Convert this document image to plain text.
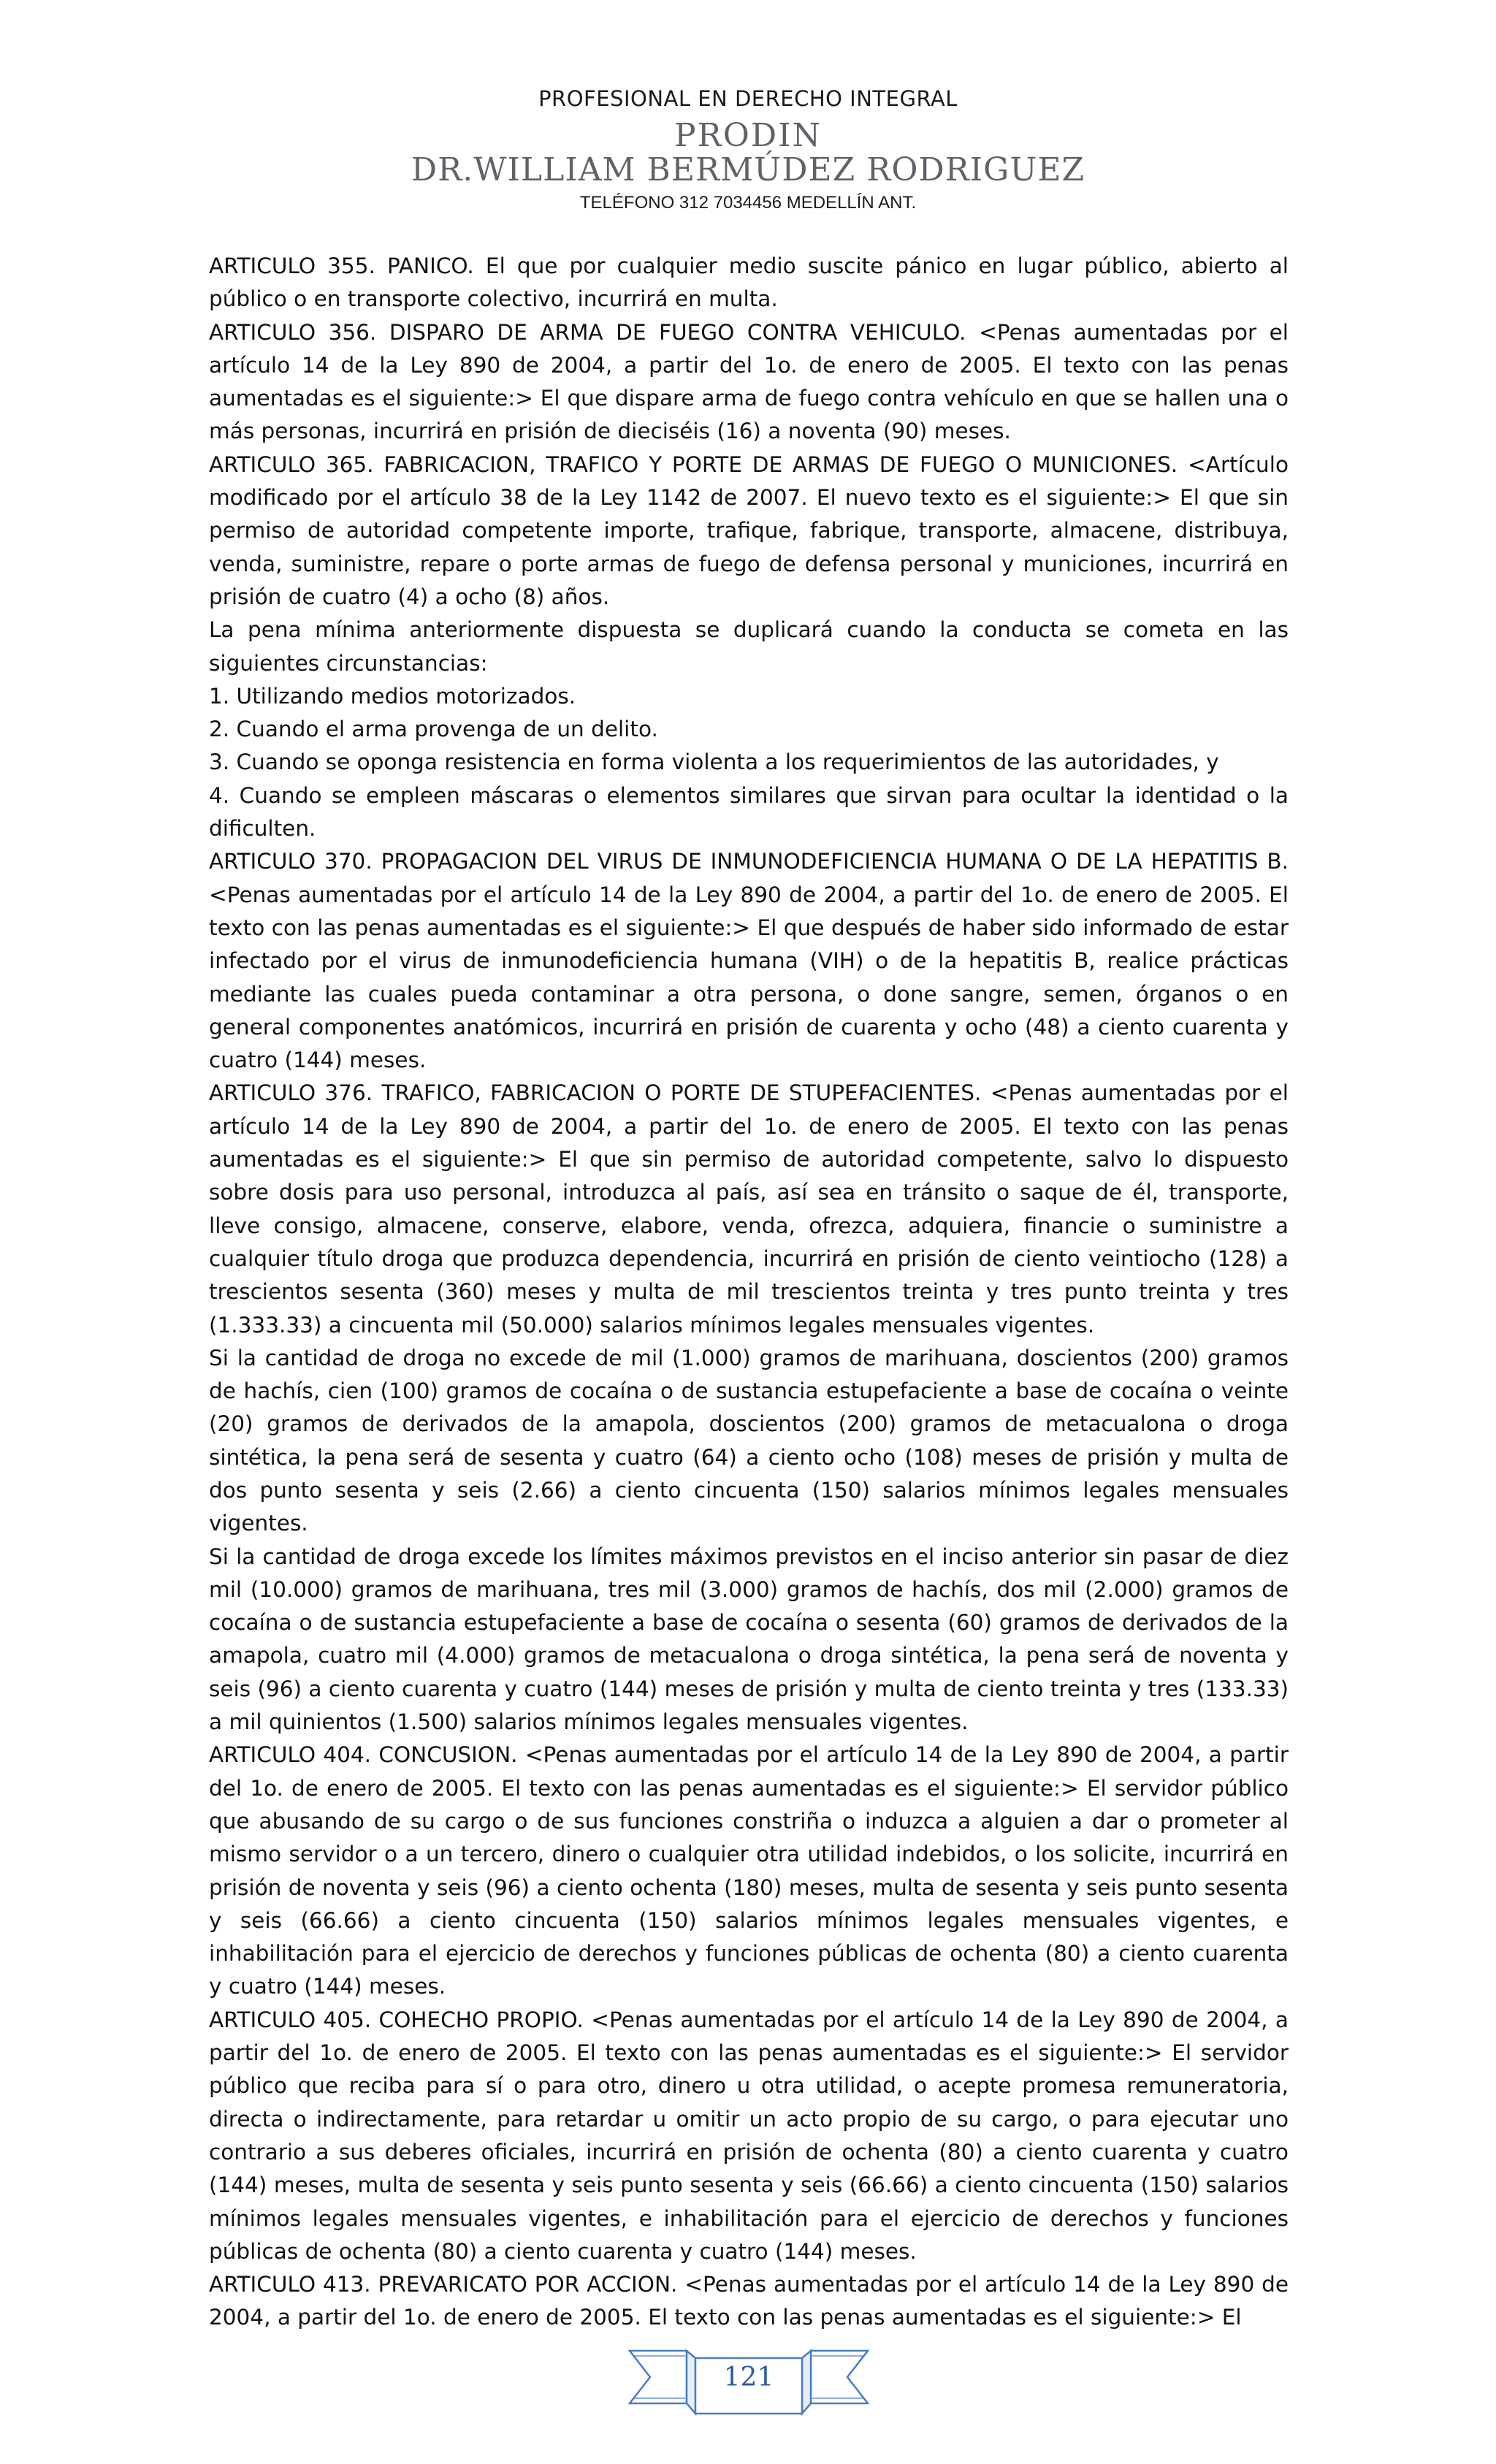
PROFESIONAL EN DERECHO INTEGRAL
PRODIN
DR.WILLIAM BERMÚDEZ RODRIGUEZ
TELÉFONO 312 7034456 MEDELLÍN ANT.

ARTICULO 355. PANICO. El que por cualquier medio suscite pánico en lugar público, abierto al público o en transporte colectivo, incurrirá en multa.

ARTICULO 356. DISPARO DE ARMA DE FUEGO CONTRA VEHICULO. <Penas aumentadas por el artículo 14 de la Ley 890 de 2004, a partir del 1o. de enero de 2005. El texto con las penas aumentadas es el siguiente:> El que dispare arma de fuego contra vehículo en que se hallen una o más personas, incurrirá en prisión de dieciséis (16) a noventa (90) meses.

ARTICULO 365. FABRICACION, TRAFICO Y PORTE DE ARMAS DE FUEGO O MUNICIONES. <Artículo modificado por el artículo 38 de la Ley 1142 de 2007. El nuevo texto es el siguiente:> El que sin permiso de autoridad competente importe, trafique, fabrique, transporte, almacene, distribuya, venda, suministre, repare o porte armas de fuego de defensa personal y municiones, incurrirá en prisión de cuatro (4) a ocho (8) años.

La pena mínima anteriormente dispuesta se duplicará cuando la conducta se cometa en las siguientes circunstancias:

1. Utilizando medios motorizados.

2. Cuando el arma provenga de un delito.

3. Cuando se oponga resistencia en forma violenta a los requerimientos de las autoridades, y

4. Cuando se empleen máscaras o elementos similares que sirvan para ocultar la identidad o la dificulten.

ARTICULO 370. PROPAGACION DEL VIRUS DE INMUNODEFICIENCIA HUMANA O DE LA HEPATITIS B. <Penas aumentadas por el artículo 14 de la Ley 890 de 2004, a partir del 1o. de enero de 2005. El texto con las penas aumentadas es el siguiente:> El que después de haber sido informado de estar infectado por el virus de inmunodeficiencia humana (VIH) o de la hepatitis B, realice prácticas mediante las cuales pueda contaminar a otra persona, o done sangre, semen, órganos o en general componentes anatómicos, incurrirá en prisión de cuarenta y ocho (48) a ciento cuarenta y cuatro (144) meses.

ARTICULO 376. TRAFICO, FABRICACION O PORTE DE STUPEFACIENTES. <Penas aumentadas por el artículo 14 de la Ley 890 de 2004, a partir del 1o. de enero de 2005. El texto con las penas aumentadas es el siguiente:> El que sin permiso de autoridad competente, salvo lo dispuesto sobre dosis para uso personal, introduzca al país, así sea en tránsito o saque de él, transporte, lleve consigo, almacene, conserve, elabore, venda, ofrezca, adquiera, financie o suministre a cualquier título droga que produzca dependencia, incurrirá en prisión de ciento veintiocho (128) a trescientos sesenta (360) meses y multa de mil trescientos treinta y tres punto treinta y tres (1.333.33) a cincuenta mil (50.000) salarios mínimos legales mensuales vigentes.

Si la cantidad de droga no excede de mil (1.000) gramos de marihuana, doscientos (200) gramos de hachís, cien (100) gramos de cocaína o de sustancia estupefaciente a base de cocaína o veinte (20) gramos de derivados de la amapola, doscientos (200) gramos de metacualona o droga sintética, la pena será de sesenta y cuatro (64) a ciento ocho (108) meses de prisión y multa de dos punto sesenta y seis (2.66) a ciento cincuenta (150) salarios mínimos legales mensuales vigentes.

Si la cantidad de droga excede los límites máximos previstos en el inciso anterior sin pasar de diez mil (10.000) gramos de marihuana, tres mil (3.000) gramos de hachís, dos mil (2.000) gramos de cocaína o de sustancia estupefaciente a base de cocaína o sesenta (60) gramos de derivados de la amapola, cuatro mil (4.000) gramos de metacualona o droga sintética, la pena será de noventa y seis (96) a ciento cuarenta y cuatro (144) meses de prisión y multa de ciento treinta y tres (133.33) a mil quinientos (1.500) salarios mínimos legales mensuales vigentes.

ARTICULO 404. CONCUSION. <Penas aumentadas por el artículo 14 de la Ley 890 de 2004, a partir del 1o. de enero de 2005. El texto con las penas aumentadas es el siguiente:> El servidor público que abusando de su cargo o de sus funciones constriña o induzca a alguien a dar o prometer al mismo servidor o a un tercero, dinero o cualquier otra utilidad indebidos, o los solicite, incurrirá en prisión de noventa y seis (96) a ciento ochenta (180) meses, multa de sesenta y seis punto sesenta y seis (66.66) a ciento cincuenta (150) salarios mínimos legales mensuales vigentes, e inhabilitación para el ejercicio de derechos y funciones públicas de ochenta (80) a ciento cuarenta y cuatro (144) meses.

ARTICULO 405. COHECHO PROPIO. <Penas aumentadas por el artículo 14 de la Ley 890 de 2004, a partir del 1o. de enero de 2005. El texto con las penas aumentadas es el siguiente:> El servidor público que reciba para sí o para otro, dinero u otra utilidad, o acepte promesa remuneratoria, directa o indirectamente, para retardar u omitir un acto propio de su cargo, o para ejecutar uno contrario a sus deberes oficiales, incurrirá en prisión de ochenta (80) a ciento cuarenta y cuatro (144) meses, multa de sesenta y seis punto sesenta y seis (66.66) a ciento cincuenta (150) salarios mínimos legales mensuales vigentes, e inhabilitación para el ejercicio de derechos y funciones públicas de ochenta (80) a ciento cuarenta y cuatro (144) meses.

ARTICULO 413. PREVARICATO POR ACCION. <Penas aumentadas por el artículo 14 de la Ley 890 de 2004, a partir del 1o. de enero de 2005. El texto con las penas aumentadas es el siguiente:> El

121
